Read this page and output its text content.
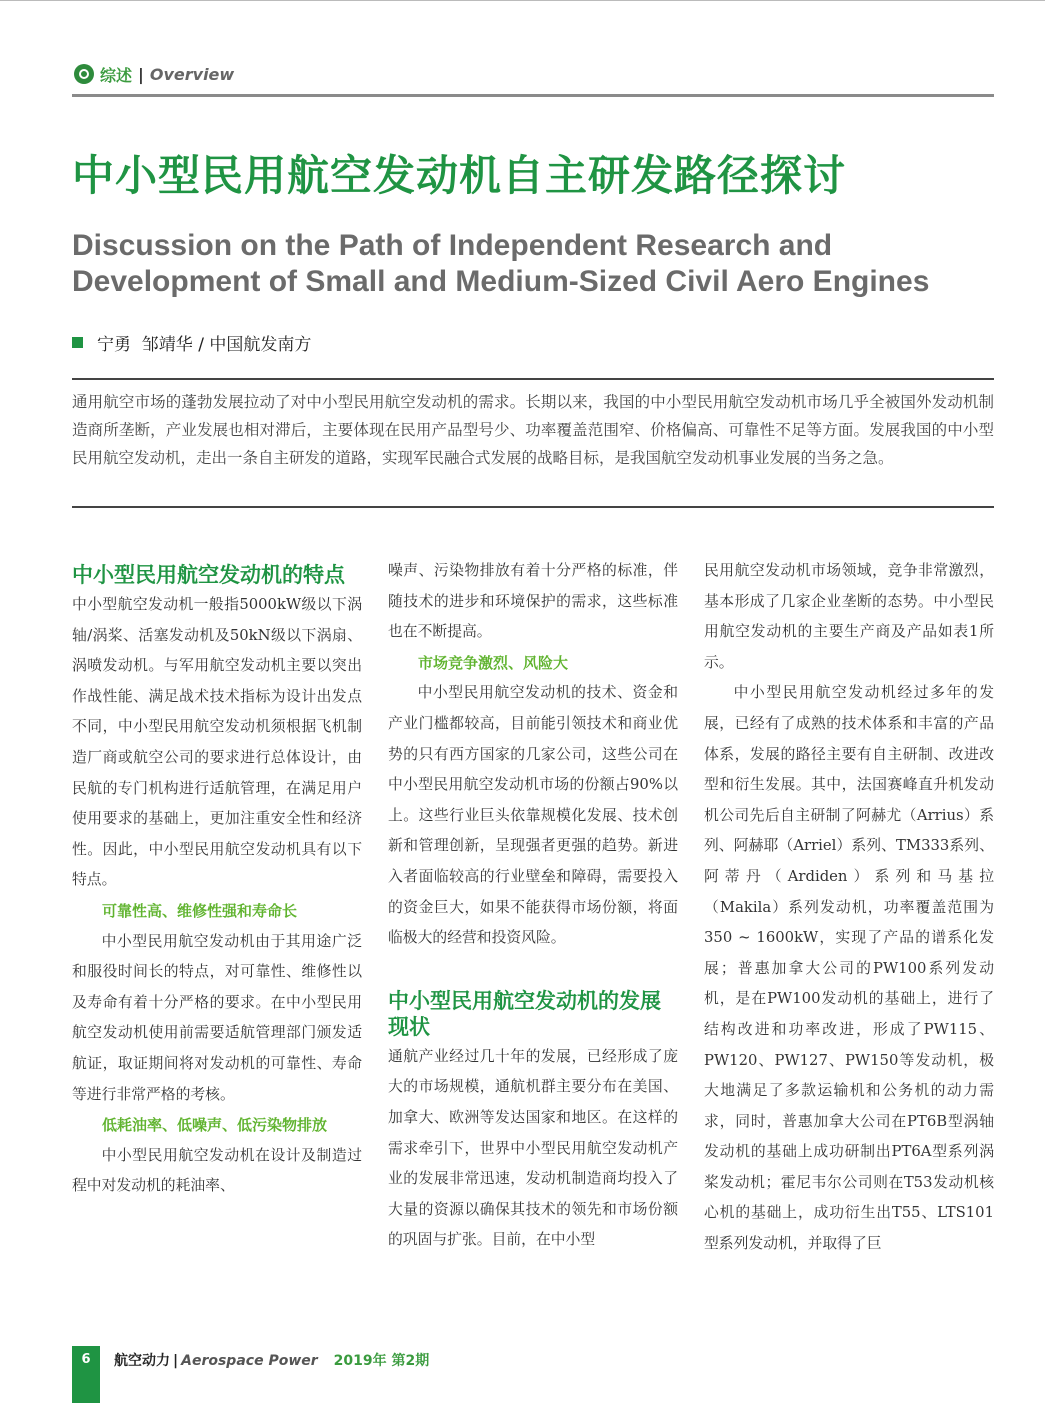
综述 | Overview
中小型民用航空发动机自主研发路径探讨
Discussion on the Path of Independent Research and
Development of Small and Medium-Sized Civil Aero Engines
宁勇  邹靖华 / 中国航发南方
通用航空市场的蓬勃发展拉动了对中小型民用航空发动机的需求。长期以来，我国的中小型民用航空发动机市场几乎全被国外发动机制造商所垄断，产业发展也相对滞后，主要体现在民用产品型号少、功率覆盖范围窄、价格偏高、可靠性不足等方面。发展我国的中小型民用航空发动机，走出一条自主研发的道路，实现军民融合式发展的战略目标，是我国航空发动机事业发展的当务之急。
中小型民用航空发动机的特点

中小型航空发动机一般指5000kW级以下涡轴/涡桨、活塞发动机及50kN级以下涡扇、涡喷发动机。与军用航空发动机主要以突出作战性能、满足战术技术指标为设计出发点不同，中小型民用航空发动机须根据飞机制造厂商或航空公司的要求进行总体设计，由民航的专门机构进行适航管理，在满足用户使用要求的基础上，更加注重安全性和经济性。因此，中小型民用航空发动机具有以下特点。

可靠性高、维修性强和寿命长

中小型民用航空发动机由于其用途广泛和服役时间长的特点，对可靠性、维修性以及寿命有着十分严格的要求。在中小型民用航空发动机使用前需要适航管理部门颁发适航证，取证期间将对发动机的可靠性、寿命等进行非常严格的考核。

低耗油率、低噪声、低污染物排放

中小型民用航空发动机在设计及制造过程中对发动机的耗油率、

噪声、污染物排放有着十分严格的标准，伴随技术的进步和环境保护的需求，这些标准也在不断提高。

市场竞争激烈、风险大

中小型民用航空发动机的技术、资金和产业门槛都较高，目前能引领技术和商业优势的只有西方国家的几家公司，这些公司在中小型民用航空发动机市场的份额占90%以上。这些行业巨头依靠规模化发展、技术创新和管理创新，呈现强者更强的趋势。新进入者面临较高的行业壁垒和障碍，需要投入的资金巨大，如果不能获得市场份额，将面临极大的经营和投资风险。

中小型民用航空发动机的发展现状

通航产业经过几十年的发展，已经形成了庞大的市场规模，通航机群主要分布在美国、加拿大、欧洲等发达国家和地区。在这样的需求牵引下，世界中小型民用航空发动机产业的发展非常迅速，发动机制造商均投入了大量的资源以确保其技术的领先和市场份额的巩固与扩张。目前，在中小型

民用航空发动机市场领域，竞争非常激烈，基本形成了几家企业垄断的态势。中小型民用航空发动机的主要生产商及产品如表1所示。

中小型民用航空发动机经过多年的发展，已经有了成熟的技术体系和丰富的产品体系，发展的路径主要有自主研制、改进改型和衍生发展。其中，法国赛峰直升机发动机公司先后自主研制了阿赫尤（Arrius）系列、阿赫耶（Arriel）系列、TM333系列、阿蒂丹（Ardiden）系列和马基拉（Makila）系列发动机，功率覆盖范围为350 ~ 1600kW，实现了产品的谱系化发展；普惠加拿大公司的PW100系列发动机，是在PW100发动机的基础上，进行了结构改进和功率改进，形成了PW115、PW120、PW127、PW150等发动机，极大地满足了多款运输机和公务机的动力需求，同时，普惠加拿大公司在PT6B型涡轴发动机的基础上成功研制出PT6A型系列涡桨发动机；霍尼韦尔公司则在T53发动机核心机的基础上，成功衍生出T55、LTS101型系列发动机，并取得了巨

6	航空动力 | Aerospace Power 2019年 第2期
